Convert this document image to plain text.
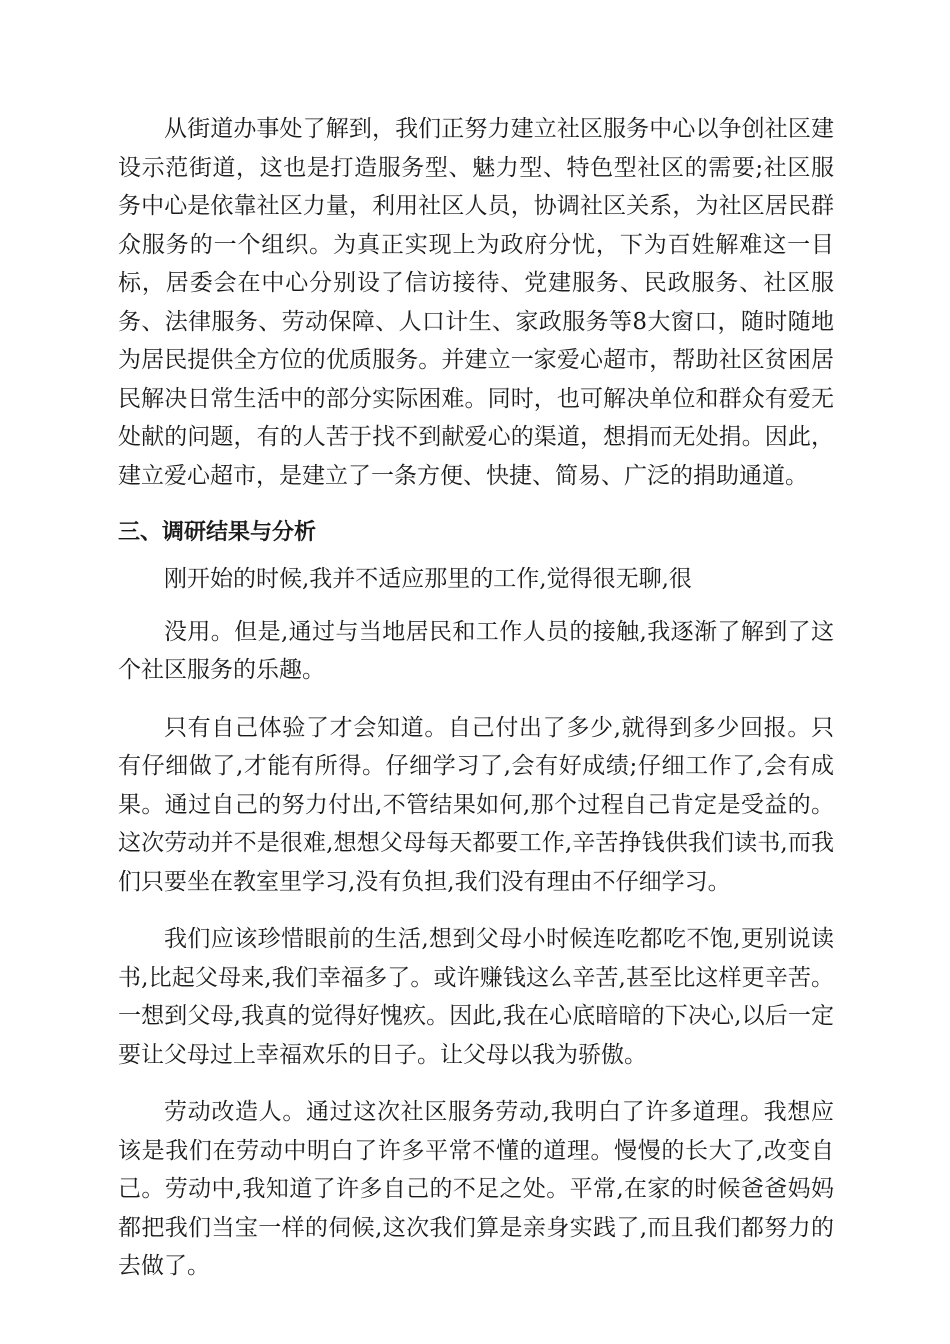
从街道办事处了解到，我们正努力建立社区服务中心以争创社区建设示范街道，这也是打造服务型、魅力型、特色型社区的需要;社区服务中心是依靠社区力量，利用社区人员，协调社区关系，为社区居民群众服务的一个组织。为真正实现上为政府分忧，下为百姓解难这一目标，居委会在中心分别设了信访接待、党建服务、民政服务、社区服务、法律服务、劳动保障、人口计生、家政服务等8大窗口，随时随地为居民提供全方位的优质服务。并建立一家爱心超市，帮助社区贫困居民解决日常生活中的部分实际困难。同时，也可解决单位和群众有爱无处献的问题，有的人苦于找不到献爱心的渠道，想捐而无处捐。因此，建立爱心超市，是建立了一条方便、快捷、简易、广泛的捐助通道。

三、调研结果与分析

刚开始的时候,我并不适应那里的工作,觉得很无聊,很

没用。但是,通过与当地居民和工作人员的接触,我逐渐了解到了这个社区服务的乐趣。

只有自己体验了才会知道。自己付出了多少,就得到多少回报。只有仔细做了,才能有所得。仔细学习了,会有好成绩;仔细工作了,会有成果。通过自己的努力付出,不管结果如何,那个过程自己肯定是受益的。这次劳动并不是很难,想想父母每天都要工作,辛苦挣钱供我们读书,而我们只要坐在教室里学习,没有负担,我们没有理由不仔细学习。

我们应该珍惜眼前的生活,想到父母小时候连吃都吃不饱,更别说读书,比起父母来,我们幸福多了。或许赚钱这么辛苦,甚至比这样更辛苦。一想到父母,我真的觉得好愧疚。因此,我在心底暗暗的下决心,以后一定要让父母过上幸福欢乐的日子。让父母以我为骄傲。

劳动改造人。通过这次社区服务劳动,我明白了许多道理。我想应该是我们在劳动中明白了许多平常不懂的道理。慢慢的长大了,改变自己。劳动中,我知道了许多自己的不足之处。平常,在家的时候爸爸妈妈都把我们当宝一样的伺候,这次我们算是亲身实践了,而且我们都努力的去做了。
